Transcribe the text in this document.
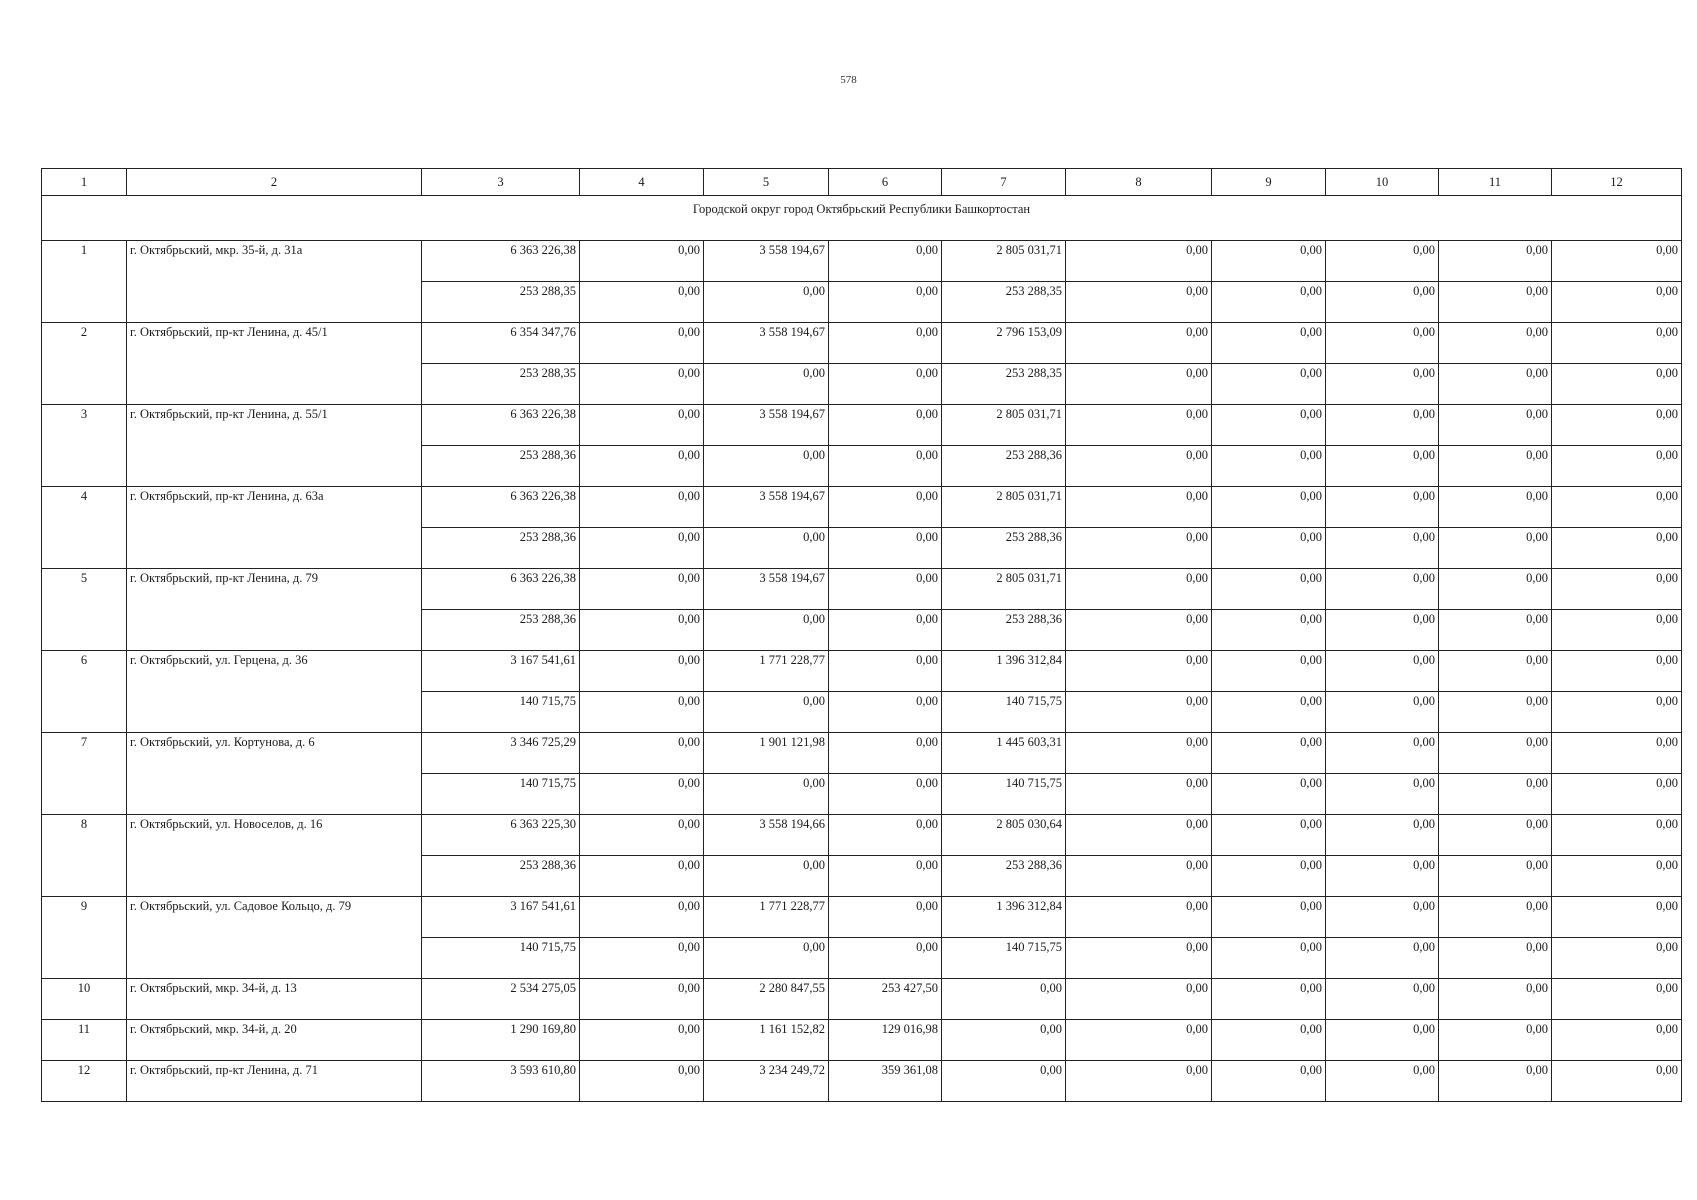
578
1	2	3	4	5	6	7	8	9	10	11	12
Городской округ город Октябрьский Республики Башкортостан											
1	г. Октябрьский, мкр. 35-й, д. 31а	6 363 226,38	0,00	3 558 194,67	0,00	2 805 031,71	0,00	0,00	0,00	0,00	0,00
		253 288,35	0,00	0,00	0,00	253 288,35	0,00	0,00	0,00	0,00	0,00
2	г. Октябрьский, пр-кт Ленина, д. 45/1	6 354 347,76	0,00	3 558 194,67	0,00	2 796 153,09	0,00	0,00	0,00	0,00	0,00
		253 288,35	0,00	0,00	0,00	253 288,35	0,00	0,00	0,00	0,00	0,00
3	г. Октябрьский, пр-кт Ленина, д. 55/1	6 363 226,38	0,00	3 558 194,67	0,00	2 805 031,71	0,00	0,00	0,00	0,00	0,00
		253 288,36	0,00	0,00	0,00	253 288,36	0,00	0,00	0,00	0,00	0,00
4	г. Октябрьский, пр-кт Ленина, д. 63а	6 363 226,38	0,00	3 558 194,67	0,00	2 805 031,71	0,00	0,00	0,00	0,00	0,00
		253 288,36	0,00	0,00	0,00	253 288,36	0,00	0,00	0,00	0,00	0,00
5	г. Октябрьский, пр-кт Ленина, д. 79	6 363 226,38	0,00	3 558 194,67	0,00	2 805 031,71	0,00	0,00	0,00	0,00	0,00
		253 288,36	0,00	0,00	0,00	253 288,36	0,00	0,00	0,00	0,00	0,00
6	г. Октябрьский, ул. Герцена, д. 36	3 167 541,61	0,00	1 771 228,77	0,00	1 396 312,84	0,00	0,00	0,00	0,00	0,00
		140 715,75	0,00	0,00	0,00	140 715,75	0,00	0,00	0,00	0,00	0,00
7	г. Октябрьский, ул. Кортунова, д. 6	3 346 725,29	0,00	1 901 121,98	0,00	1 445 603,31	0,00	0,00	0,00	0,00	0,00
		140 715,75	0,00	0,00	0,00	140 715,75	0,00	0,00	0,00	0,00	0,00
8	г. Октябрьский, ул. Новоселов, д. 16	6 363 225,30	0,00	3 558 194,66	0,00	2 805 030,64	0,00	0,00	0,00	0,00	0,00
		253 288,36	0,00	0,00	0,00	253 288,36	0,00	0,00	0,00	0,00	0,00
9	г. Октябрьский, ул. Садовое Кольцо, д. 79	3 167 541,61	0,00	1 771 228,77	0,00	1 396 312,84	0,00	0,00	0,00	0,00	0,00
		140 715,75	0,00	0,00	0,00	140 715,75	0,00	0,00	0,00	0,00	0,00
10	г. Октябрьский, мкр. 34-й, д. 13	2 534 275,05	0,00	2 280 847,55	253 427,50	0,00	0,00	0,00	0,00	0,00	0,00
11	г. Октябрьский, мкр. 34-й, д. 20	1 290 169,80	0,00	1 161 152,82	129 016,98	0,00	0,00	0,00	0,00	0,00	0,00
12	г. Октябрьский, пр-кт Ленина, д. 71	3 593 610,80	0,00	3 234 249,72	359 361,08	0,00	0,00	0,00	0,00	0,00	0,00
